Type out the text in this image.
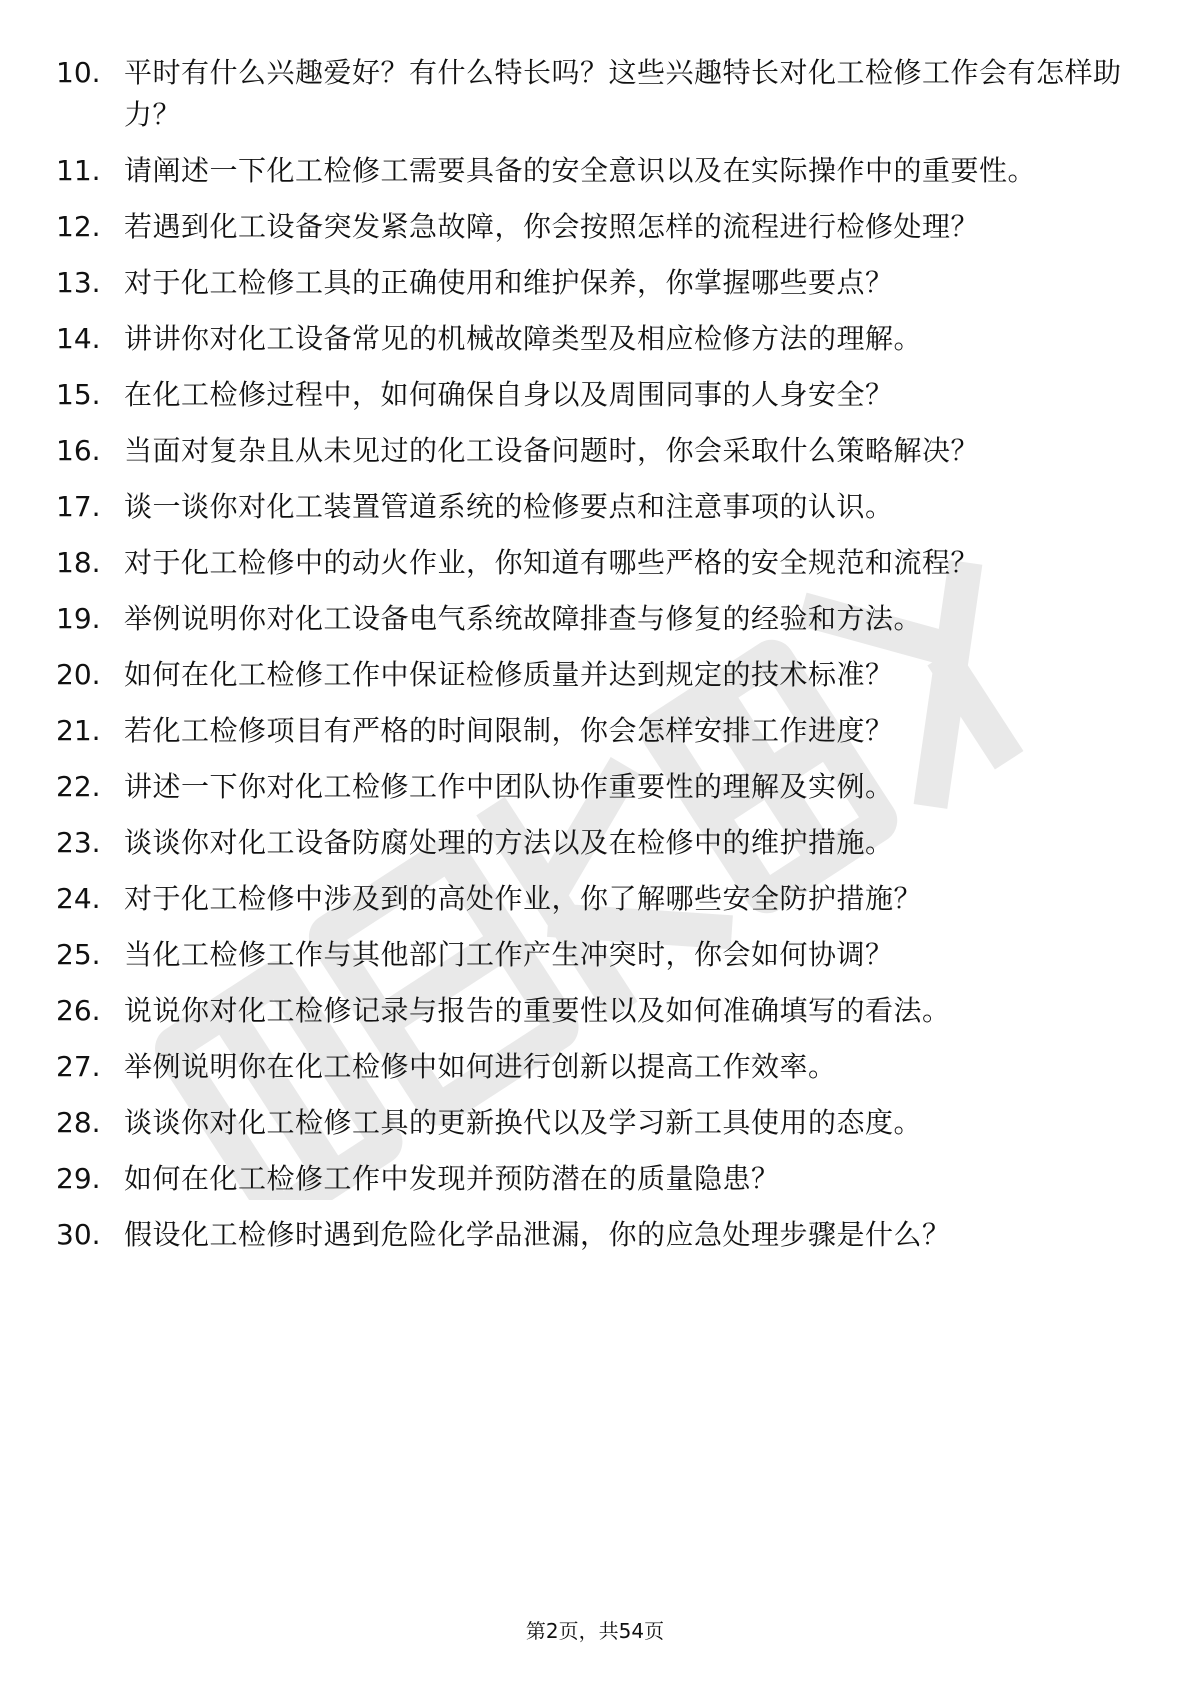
10. 平时有什么兴趣爱好？有什么特长吗？这些兴趣特长对化工检修工作会有怎样助力？
11. 请阐述一下化工检修工需要具备的安全意识以及在实际操作中的重要性。
12. 若遇到化工设备突发紧急故障，你会按照怎样的流程进行检修处理？
13. 对于化工检修工具的正确使用和维护保养，你掌握哪些要点？
14. 讲讲你对化工设备常见的机械故障类型及相应检修方法的理解。
15. 在化工检修过程中，如何确保自身以及周围同事的人身安全？
16. 当面对复杂且从未见过的化工设备问题时，你会采取什么策略解决？
17. 谈一谈你对化工装置管道系统的检修要点和注意事项的认识。
18. 对于化工检修中的动火作业，你知道有哪些严格的安全规范和流程？
19. 举例说明你对化工设备电气系统故障排查与修复的经验和方法。
20. 如何在化工检修工作中保证检修质量并达到规定的技术标准？
21. 若化工检修项目有严格的时间限制，你会怎样安排工作进度？
22. 讲述一下你对化工检修工作中团队协作重要性的理解及实例。
23. 谈谈你对化工设备防腐处理的方法以及在检修中的维护措施。
24. 对于化工检修中涉及到的高处作业，你了解哪些安全防护措施？
25. 当化工检修工作与其他部门工作产生冲突时，你会如何协调？
26. 说说你对化工检修记录与报告的重要性以及如何准确填写的看法。
27. 举例说明你在化工检修中如何进行创新以提高工作效率。
28. 谈谈你对化工检修工具的更新换代以及学习新工具使用的态度。
29. 如何在化工检修工作中发现并预防潜在的质量隐患？
30. 假设化工检修时遇到危险化学品泄漏，你的应急处理步骤是什么？
第2页，共54页
